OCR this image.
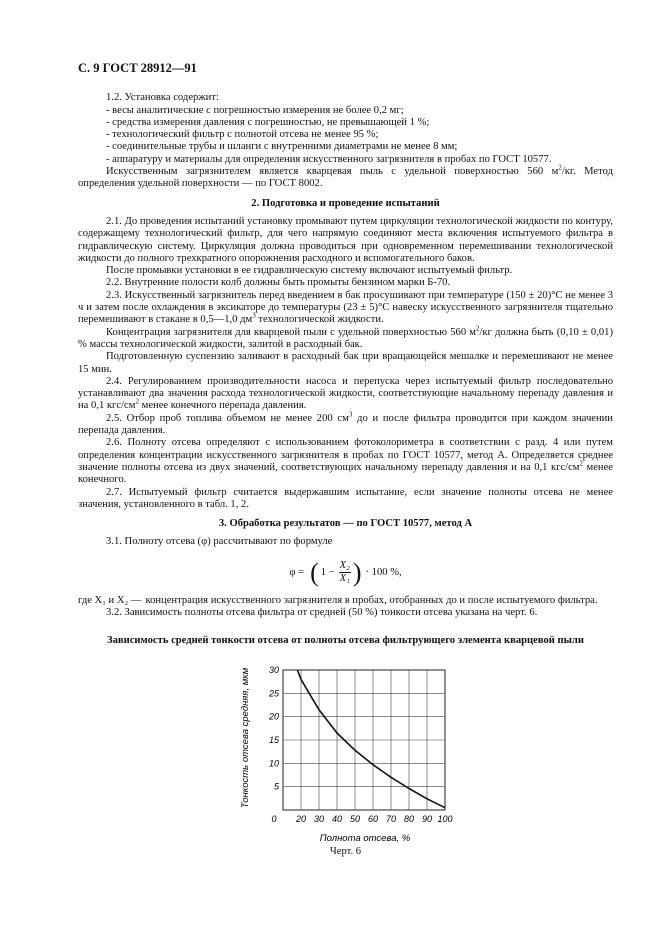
С. 9 ГОСТ 28912—91

1.2. Установка содержит:

- весы аналитические с погрешностью измерения не более 0,2 мг;

- средства измерения давления с погрешностью, не превышающей 1 %;

- технологический фильтр с полнотой отсева не менее 95 %;

- соединительные трубы и шланги с внутренними диаметрами не менее 8 мм;

- аппаратуру и материалы для определения искусственного загрязнителя в пробах по ГОСТ 10577.

Искусственным загрязнителем является кварцевая пыль с удельной поверхностью 560 $м^2/кг$. Метод определения удельной поверхности — по ГОСТ 8002.

2. Подготовка и проведение испытаний

2.1. До проведения испытаний установку промывают путем циркуляции технологической жидкости по контуру, содержащему технологический фильтр, для чего напрямую соединяют места включения испытуемого фильтра в гидравлическую систему. Циркуляция должна проводиться при одновременном перемешивании технологической жидкости до полного трехкратного опорожнения расходного и вспомогательного баков.

После промывки установки в ее гидравлическую систему включают испытуемый фильтр.

2.2. Внутренние полости колб должны быть промыты бензином марки Б-70.

2.3. Искусственный загрязнитель перед введением в бак просушивают при температуре (150 ± 20)°С не менее 3 ч и затем после охлаждения в эксикаторе до температуры (23 ± 5)°С навеску искусственного загрязнителя тщательно перемешивают в стакане в 0,5—1,0 $дм^3$ технологической жидкости.

Концентрация загрязнителя для кварцевой пыли с удельной поверхностью 560 $м^2/кг$ должна быть (0,10 ± 0,01) % массы технологической жидкости, залитой в расходный бак.

Подготовленную суспензию заливают в расходный бак при вращающейся мешалке и перемешивают не менее 15 мин.

2.4. Регулированием производительности насоса и перепуска через испытуемый фильтр последовательно устанавливают два значения расхода технологической жидкости, соответствующие начальному перепаду давления и на 0,1 кгс/$см^2$ менее конечного перепада давления.

2.5. Отбор проб топлива объемом не менее 200 $см^3$ до и после фильтра проводится при каждом значении перепада давления.

2.6. Полноту отсева определяют с использованием фотоколориметра в соответствии с разд. 4 или путем определения концентрации искусственного загрязнителя в пробах по ГОСТ 10577, метод А. Определяется среднее значение полноты отсева из двух значений, соответствующих начальному перепаду давления и на 0,1 кгс/$см^2$ менее конечного.

2.7. Испытуемый фильтр считается выдержавшим испытание, если значение полноты отсева не менее значения, установленного в табл. 1, 2.

3. Обработка результатов — по ГОСТ 10577, метод А

3.1. Полноту отсева (φ) рассчитывают по формуле

φ = ( $1 - \frac{\text{X₂}}{\text{X₁}}$ ) · 100 %,
где X₁ и X₂ — концентрация искусственного загрязнителя в пробах, отобранных до и после испытуемого фильтра.

3.2. Зависимость полноты отсева фильтра от средней (50 %) тонкости отсева указана на черт. 6.

Зависимость средней тонкости отсева от полноты отсева фильтрующего элемента кварцевой пыли
0 20 30 40 50 60 70 80 90 100
5
10
15
20
25
30
Тонкость отсева средняя, мкм
Полнота отсева, %
Черт. 6
